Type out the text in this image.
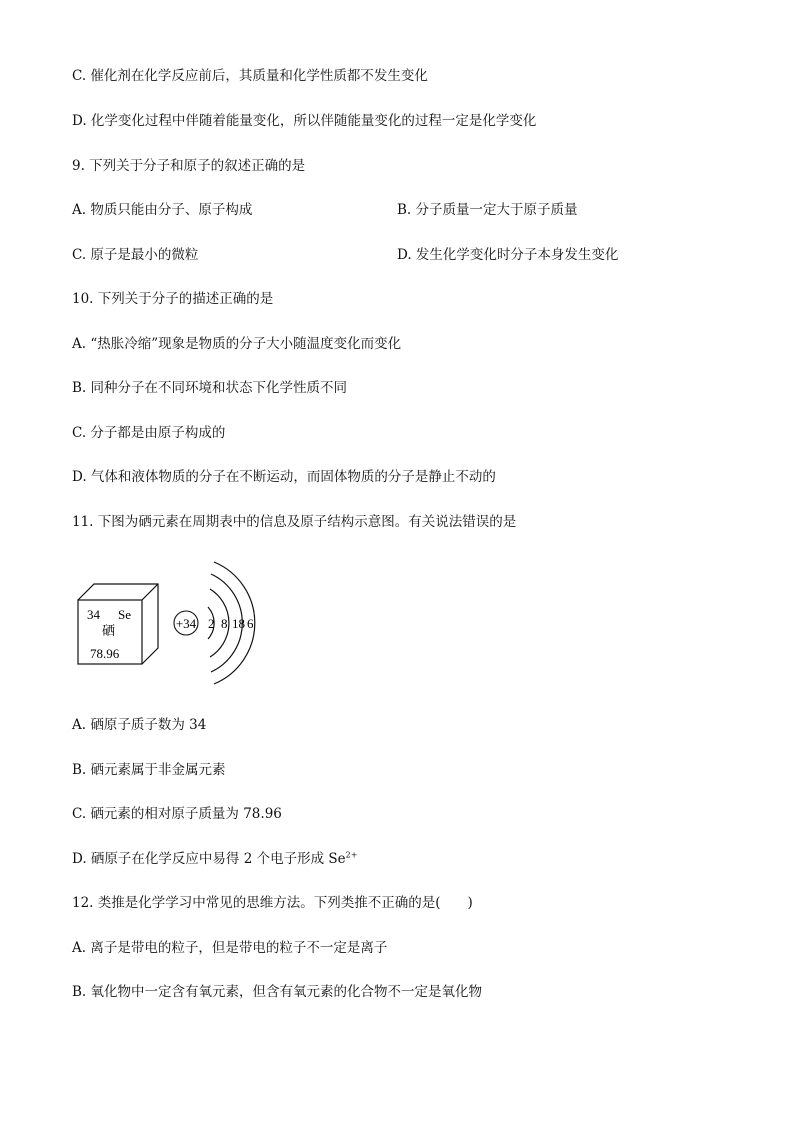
C. 催化剂在化学反应前后，其质量和化学性质都不发生变化
D. 化学变化过程中伴随着能量变化，所以伴随能量变化的过程一定是化学变化
9. 下列关于分子和原子的叙述正确的是
A. 物质只能由分子、原子构成	B. 分子质量一定大于原子质量
C. 原子是最小的微粒	D. 发生化学变化时分子本身发生变化
10. 下列关于分子的描述正确的是
A. “热胀冷缩”现象是物质的分子大小随温度变化而变化
B. 同种分子在不同环境和状态下化学性质不同
C. 分子都是由原子构成的
D. 气体和液体物质的分子在不断运动，而固体物质的分子是静止不动的
11. 下图为硒元素在周期表中的信息及原子结构示意图。有关说法错误的是
34 Se
硒
78.96
+34 2 8 18 6
A. 硒原子质子数为 34
B. 硒元素属于非金属元素
C. 硒元素的相对原子质量为 78.96
D. 硒原子在化学反应中易得 2 个电子形成 $Se^{2+}$
12. 类推是化学学习中常见的思维方法。下列类推不正确的是(　　)
A. 离子是带电的粒子，但是带电的粒子不一定是离子
B. 氧化物中一定含有氧元素，但含有氧元素的化合物不一定是氧化物
